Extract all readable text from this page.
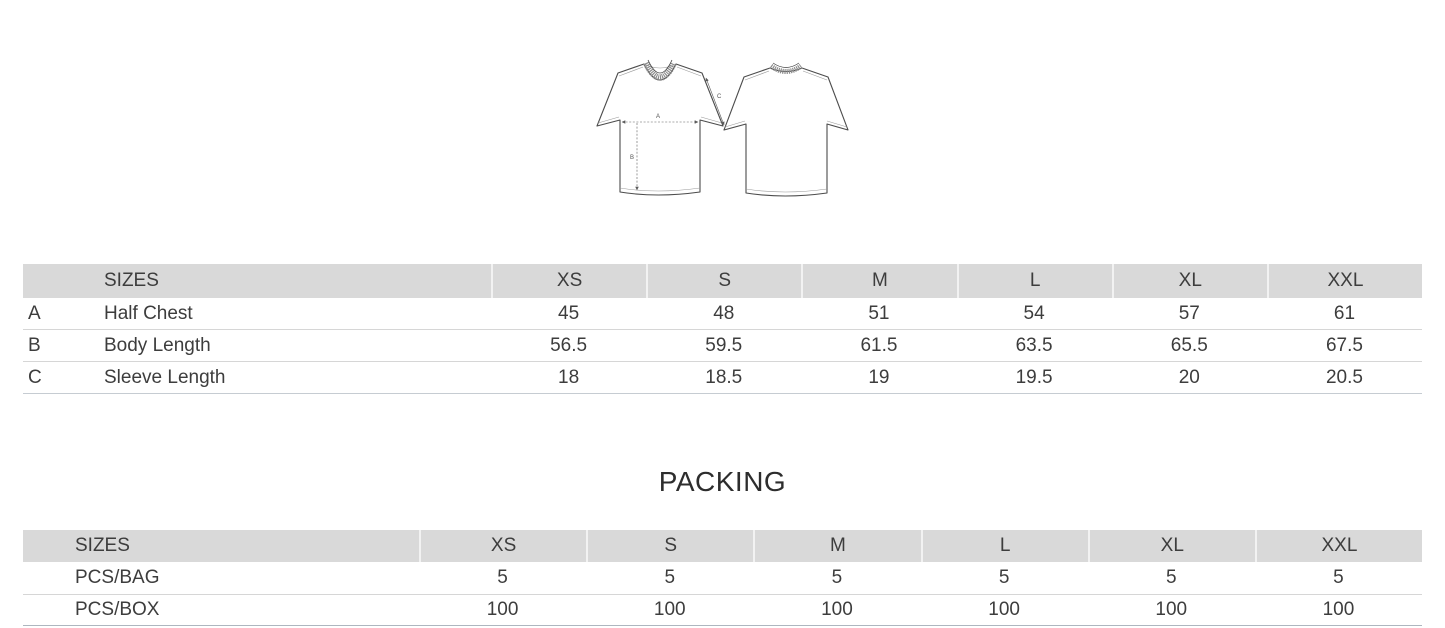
A
B
C
SIZES	XS	S	M	L	XL	XXL
A	Half Chest	45	48	51	54	57	61
B	Body Length	56.5	59.5	61.5	63.5	65.5	67.5
C	Sleeve Length	18	18.5	19	19.5	20	20.5
PACKING
SIZES	XS	S	M	L	XL	XXL
PCS/BAG	5	5	5	5	5	5
PCS/BOX	100	100	100	100	100	100
